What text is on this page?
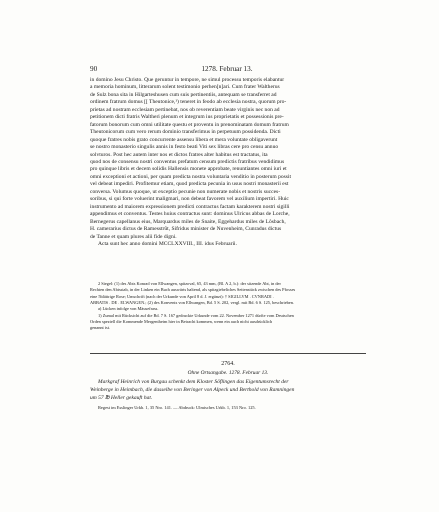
90	1278. Februar 13.
in domino Jesu Christo. Que geruntur in tempore, ne simul processu temporis elabantur
a memoria hominum, litterarum solent testimonio perhen[n]ari. Cum frater Waltherus
de Sulz bona sita in Hilgarteshusen cum suis pertinentiis, antequam se transferret ad
ordinem fratrum domus [[ Theutonice,¹) teneret in feodo ab ecclesia nostra, quorum pro-
prietas ad nostram ecclesiam pertinebat, nos ob reverentiam beate virginis nec non ad
petitionem dicti fratris Waltheri plenum et integrum ius proprietatis et possessionis pre-
fatorum bonorum cum omni utilitate questu et proventu in prenominatam domum fratrum
Theutonicorum cum vero rerum dominio transferimus in perpetuum possidenda. Dicti
quoque fratres nobis grato concurrente assensu libera et mera voluntate obligaverunt
se nostro monasterio singulis annis in festo beati Viti sex libras cere pro censu annuo
solvturos. Post hec autem inter nos et dictos fratres alter habitus est tractatus, ita
quod nos de consensu nostri conventus prefatum censum predictis fratribus vendidimus
pro quinque libris et decem solidis Hallensis monete approbate, renuntiantes omni iuri et
omni exceptioni et actioni, per quam predicta nostra voluntaria venditio in posterum possit
vel debeat impediri. Profitemur etiam, quod predicta pecunia in usus nostri monasterii est
conversa. Volumus quoque, ut exceptio pecunie non numerate nobis et nostris succes-
soribus, si qui forte voluerint maligmari, non debeat favorem vel auxilium impertiri. Huic
instrumento ad maiorem expressionem predicti contractus factam karakterem nostri sigilli
appendimus et conventus. Testes huius contractus sunt: dominus Ulricus abbas de Lorche,
Bernegerus capellanus eius, Marquardus miles de Snaite, Eggehardus miles de Lôsbach,
H. camerarius dictus de Ramesstrût, Sifridus minister de Nuvenheim, Cunradus dictus
de Tanne et quam plures alii fide digni.
Acta sunt hec anno domini MCCLXXVIII., III. idus Februarii.
2 Siegel: (1) des Abts Konrad von Ellwangen, spitzoval, 65, 43 mm, (Bl. A 2, b.): der sitzende Abt, in der
Rechten den Abtsstab, in der Linken ein Buch auswärts haltend, als spitzgiebeliches Seitenstück zwischen des Pfosses
eine 5blättrige Rose; Umschrift (nach der Urkunde von April 8 d. J. ergänzt): † SIGILLVM . CVNRADI .
ABBATIS . DE . ELWANGEN.; (2) des Konvents von Ellwangen, Bd. 5 S. 202, vergl. mit Bd. 6 S. 125, beschrieben.
a) Lücken infolge von Mäusefrass.
1) Zumal mit Rücksicht auf die Bd. 7 S. 167 gedruckte Urkunde vom 22. November 1271 dürfte vom Deutschen
Orden speziell die Kommende Mergentheim hier in Betracht kommen, wenn ein auch nicht ausdrücklich
genannt ist.
2764.
Ohne Ortsangabe. 1278. Februar 13.
Markgraf Heinrich von Burgau schenkt dem Kloster Söflingen das Eigentumsrecht der
Weinberge in Heimbach, die dasselbe von Beringer von Alpeck und Berthold von Ramningen
um 57 ℔ Heller gekauft hat.
Regest im Esslinger Urkb. 1, 35 Nro. 141. — Abdruck: Ulmisches Urkb. 1, 153 Nro. 125.
